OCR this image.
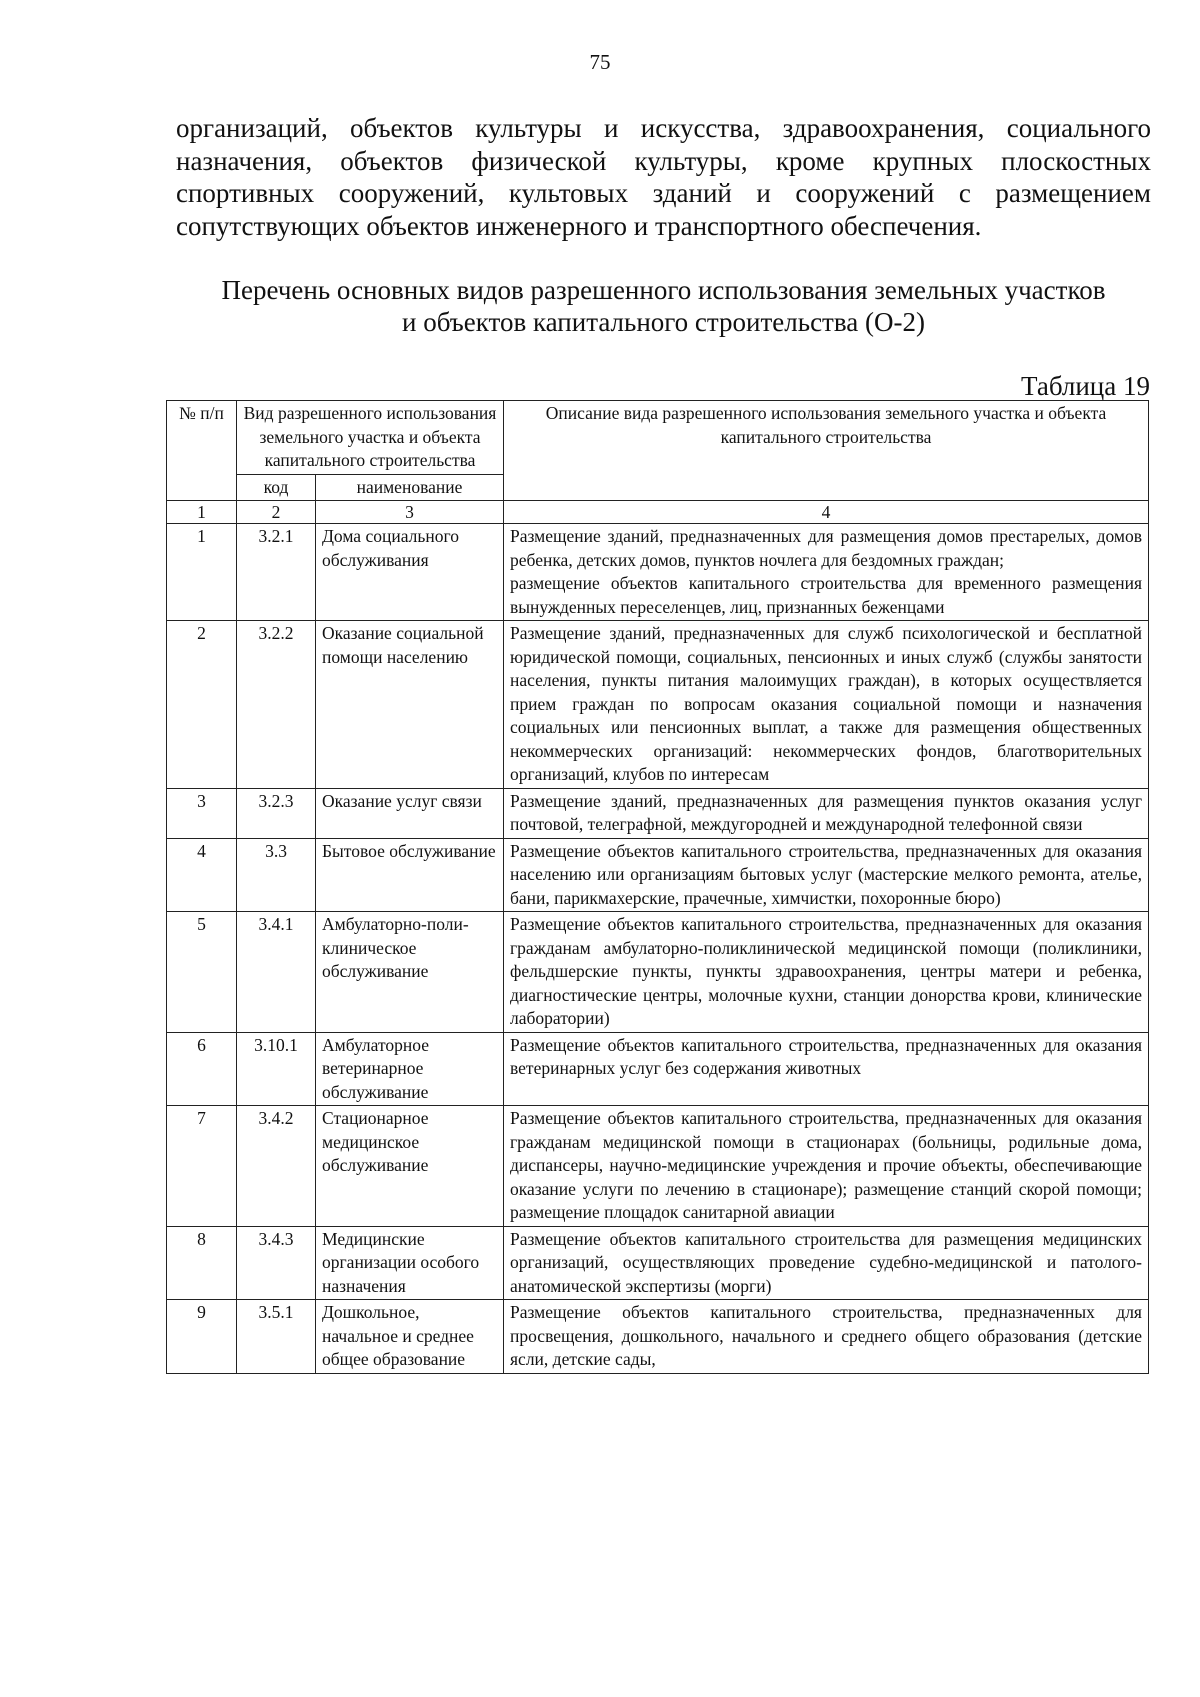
75
организаций, объектов культуры и искусства, здравоохранения, социального назначения, объектов физической культуры, кроме крупных плоскостных спортивных сооружений, культовых зданий и сооружений с размещением сопутствующих объектов инженерного и транспортного обеспечения.
Перечень основных видов разрешенного использования земельных участков
и объектов капитального строительства (О-2)
Таблица 19
№ п/п	Вид разрешенного использования земельного участка и объекта капитального строительства		Описание вида разрешенного использования земельного участка и объекта капитального строительства
	код	наименование	
1	2	3	4
1	3.2.1	Дома социального обслуживания	Размещение зданий, предназначенных для размещения домов престарелых, домов ребенка, детских домов, пунктов ночлега для бездомных граждан;
размещение объектов капитального строительства для временного размещения вынужденных переселенцев, лиц, признанных беженцами

2	3.2.2	Оказание социальной помощи населению	Размещение зданий, предназначенных для служб психологической и бесплатной юридической помощи, социальных, пенсионных и иных служб (службы занятости населения, пункты питания малоимущих граждан), в которых осуществляется прием граждан по вопросам оказания социальной помощи и назначения социальных или пенсионных выплат, а также для размещения общественных некоммерческих организаций: некоммерческих фондов, благотворительных организаций, клубов по интересам

3	3.2.3	Оказание услуг связи	Размещение зданий, предназначенных для размещения пунктов оказания услуг почтовой, телеграфной, междугородней и международной телефонной связи

4	3.3	Бытовое обслуживание	Размещение объектов капитального строительства, предназначенных для оказания населению или организациям бытовых услуг (мастерские мелкого ремонта, ателье, бани, парикмахерские, прачечные, химчистки, похоронные бюро)

5	3.4.1	Амбулаторно-поли-клиническое обслуживание	Размещение объектов капитального строительства, предназначенных для оказания гражданам амбулаторно-поликлинической медицинской помощи (поликлиники, фельдшерские пункты, пункты здравоохранения, центры матери и ребенка, диагностические центры, молочные кухни, станции донорства крови, клинические лаборатории)

6	3.10.1	Амбулаторное ветеринарное обслуживание	Размещение объектов капитального строительства, предназначенных для оказания ветеринарных услуг без содержания животных

7	3.4.2	Стационарное медицинское обслуживание	Размещение объектов капитального строительства, предназначенных для оказания гражданам медицинской помощи в стационарах (больницы, родильные дома, диспансеры, научно-медицинские учреждения и прочие объекты, обеспечивающие оказание услуги по лечению в стационаре); размещение станций скорой помощи; размещение площадок санитарной авиации

8	3.4.3	Медицинские организации особого назначения	Размещение объектов капитального строительства для размещения медицинских организаций, осуществляющих проведение судебно-медицинской и патолого-анатомической экспертизы (морги)

9	3.5.1	Дошкольное, начальное и среднее общее образование	Размещение объектов капитального строительства, предназначенных для просвещения, дошкольного, начального и среднего общего образования (детские ясли, детские сады,
